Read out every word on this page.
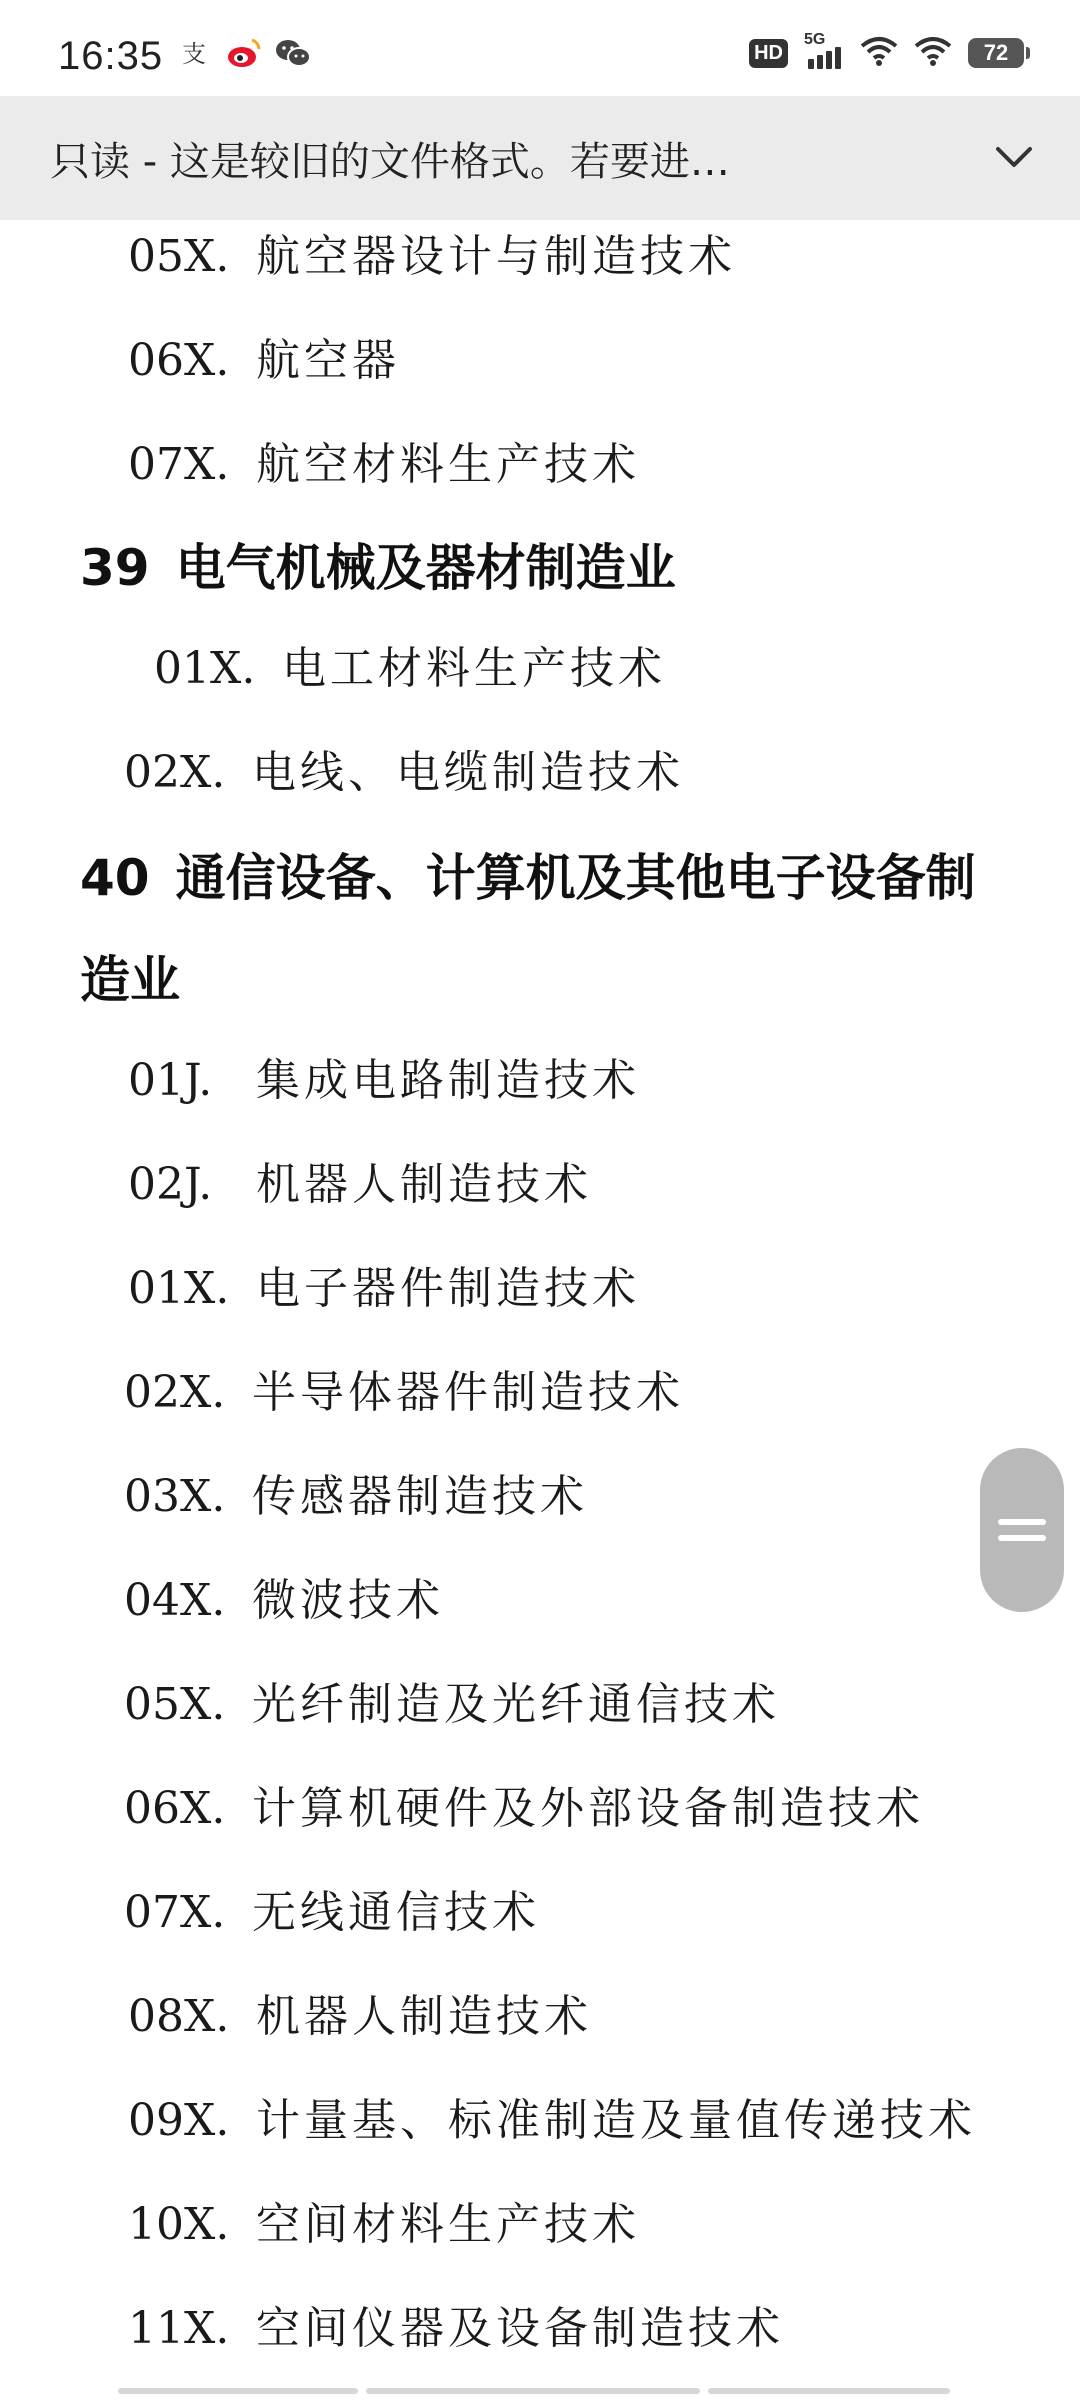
16:35 支	HD
5G
72
只读 - 这是较旧的文件格式。若要进…
05X. 航空器设计与制造技术
06X. 航空器
07X. 航空材料生产技术
39 电气机械及器材制造业
01X. 电工材料生产技术
02X. 电线、电缆制造技术
40 通信设备、计算机及其他电子设备制
造业
01J. 集成电路制造技术
02J. 机器人制造技术
01X. 电子器件制造技术
02X. 半导体器件制造技术
03X. 传感器制造技术
04X. 微波技术
05X. 光纤制造及光纤通信技术
06X. 计算机硬件及外部设备制造技术
07X. 无线通信技术
08X. 机器人制造技术
09X. 计量基、标准制造及量值传递技术
10X. 空间材料生产技术
11X. 空间仪器及设备制造技术
